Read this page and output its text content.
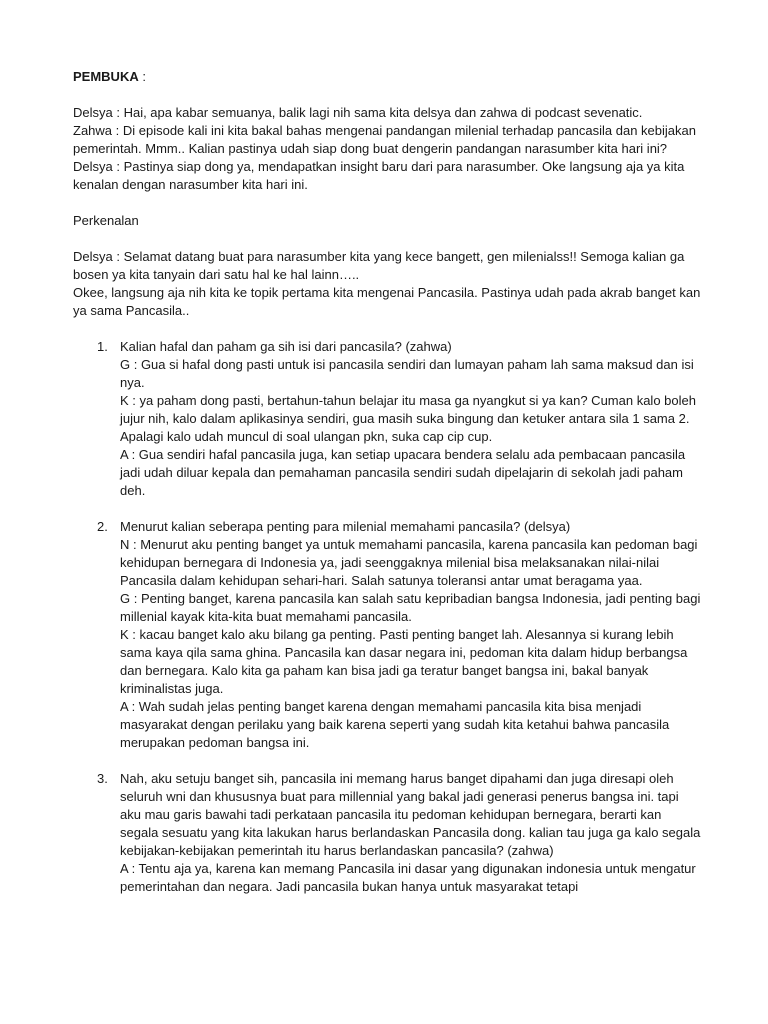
PEMBUKA :

Delsya : Hai, apa kabar semuanya, balik lagi nih sama kita delsya dan zahwa di podcast sevenatic.

Zahwa : Di episode kali ini kita bakal bahas mengenai pandangan milenial terhadap pancasila dan kebijakan pemerintah. Mmm.. Kalian pastinya udah siap dong buat dengerin pandangan narasumber kita hari ini?

Delsya : Pastinya siap dong ya, mendapatkan insight baru dari para narasumber. Oke langsung aja ya kita kenalan dengan narasumber kita hari ini.

Perkenalan

Delsya : Selamat datang buat para narasumber kita yang kece bangett, gen milenialss!! Semoga kalian ga bosen ya kita tanyain dari satu hal ke hal lainn…..

Okee, langsung aja nih kita ke topik pertama kita mengenai Pancasila. Pastinya udah pada akrab banget kan ya sama Pancasila..

1. Kalian hafal dan paham ga sih isi dari pancasila? (zahwa)

G : Gua si hafal dong pasti untuk isi pancasila sendiri dan lumayan paham lah sama maksud dan isi nya.

K : ya paham dong pasti, bertahun-tahun belajar itu masa ga nyangkut si ya kan? Cuman kalo boleh jujur nih, kalo dalam aplikasinya sendiri, gua masih suka bingung dan ketuker antara sila 1 sama 2. Apalagi kalo udah muncul di soal ulangan pkn, suka cap cip cup.

A : Gua sendiri hafal pancasila juga, kan setiap upacara bendera selalu ada pembacaan pancasila jadi udah diluar kepala dan pemahaman pancasila sendiri sudah dipelajarin di sekolah jadi paham deh.

2. Menurut kalian seberapa penting para milenial memahami pancasila? (delsya)

N : Menurut aku penting banget ya untuk memahami pancasila, karena pancasila kan pedoman bagi kehidupan bernegara di Indonesia ya, jadi seenggaknya milenial bisa melaksanakan nilai-nilai Pancasila dalam kehidupan sehari-hari. Salah satunya toleransi antar umat beragama yaa.

G : Penting banget, karena pancasila kan salah satu kepribadian bangsa Indonesia, jadi penting bagi millenial kayak kita-kita buat memahami pancasila.

K : kacau banget kalo aku bilang ga penting. Pasti penting banget lah. Alesannya si kurang lebih sama kaya qila sama ghina. Pancasila kan dasar negara ini, pedoman kita dalam hidup berbangsa dan bernegara. Kalo kita ga paham kan bisa jadi ga teratur banget bangsa ini, bakal banyak kriminalistas juga.

A : Wah sudah jelas penting banget karena dengan memahami pancasila kita bisa menjadi masyarakat dengan perilaku yang baik karena seperti yang sudah kita ketahui bahwa pancasila merupakan pedoman bangsa ini.

3. Nah, aku setuju banget sih, pancasila ini memang harus banget dipahami dan juga diresapi oleh seluruh wni dan khususnya buat para millennial yang bakal jadi generasi penerus bangsa ini. tapi aku mau garis bawahi tadi perkataan pancasila itu pedoman kehidupan bernegara, berarti kan segala sesuatu yang kita lakukan harus berlandaskan Pancasila dong. kalian tau juga ga kalo segala kebijakan-kebijakan pemerintah itu harus berlandaskan pancasila? (zahwa)

A : Tentu aja ya, karena kan memang Pancasila ini dasar yang digunakan indonesia untuk mengatur pemerintahan dan negara. Jadi pancasila bukan hanya untuk masyarakat tetapi
